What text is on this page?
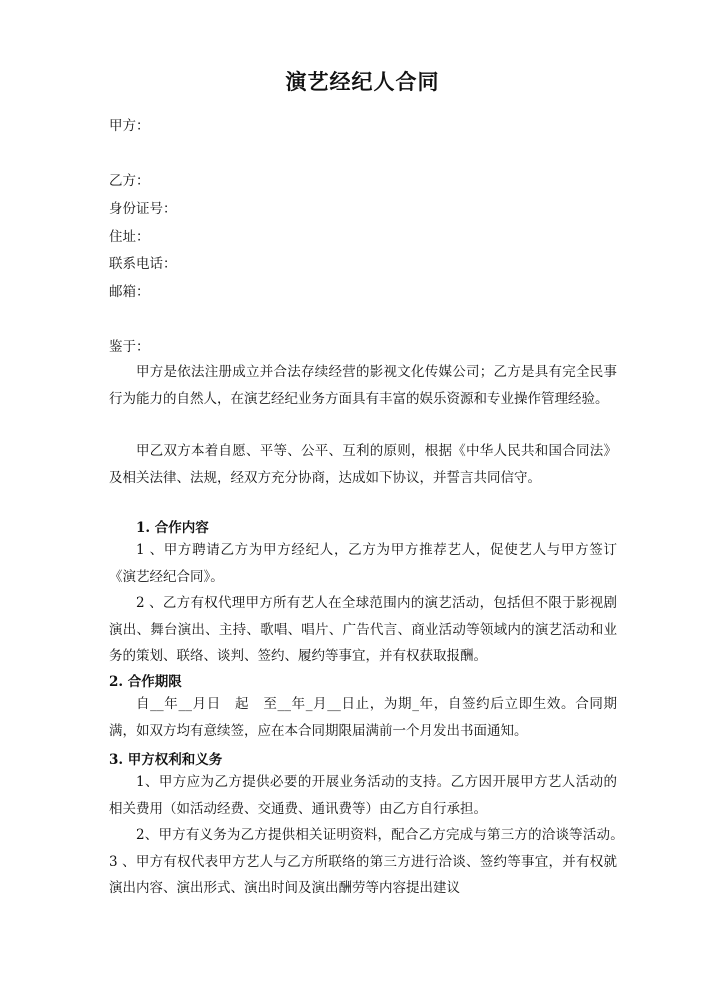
演艺经纪人合同
甲方：
乙方：
身份证号：
住址：
联系电话：
邮箱：
鉴于：
甲方是依法注册成立并合法存续经营的影视文化传媒公司；乙方是具有完全民事行为能力的自然人，在演艺经纪业务方面具有丰富的娱乐资源和专业操作管理经验。
甲乙双方本着自愿、平等、公平、互利的原则，根据《中华人民共和国合同法》及相关法律、法规，经双方充分协商，达成如下协议，并誓言共同信守。
1. 合作内容
1 、甲方聘请乙方为甲方经纪人，乙方为甲方推荐艺人，促使艺人与甲方签订《演艺经纪合同》。
2 、乙方有权代理甲方所有艺人在全球范围内的演艺活动，包括但不限于影视剧演出、舞台演出、主持、歌唱、唱片、广告代言、商业活动等领域内的演艺活动和业务的策划、联络、谈判、签约、履约等事宜，并有权获取报酬。
2. 合作期限
自__年__月日　起　至__年_月__日止，为期_年，自签约后立即生效。合同期满，如双方均有意续签，应在本合同期限届满前一个月发出书面通知。
3. 甲方权利和义务
1、甲方应为乙方提供必要的开展业务活动的支持。乙方因开展甲方艺人活动的相关费用（如活动经费、交通费、通讯费等）由乙方自行承担。
2、甲方有义务为乙方提供相关证明资料，配合乙方完成与第三方的洽谈等活动。　　3 、甲方有权代表甲方艺人与乙方所联络的第三方进行洽谈、签约等事宜，并有权就演出内容、演出形式、演出时间及演出酬劳等内容提出建议
